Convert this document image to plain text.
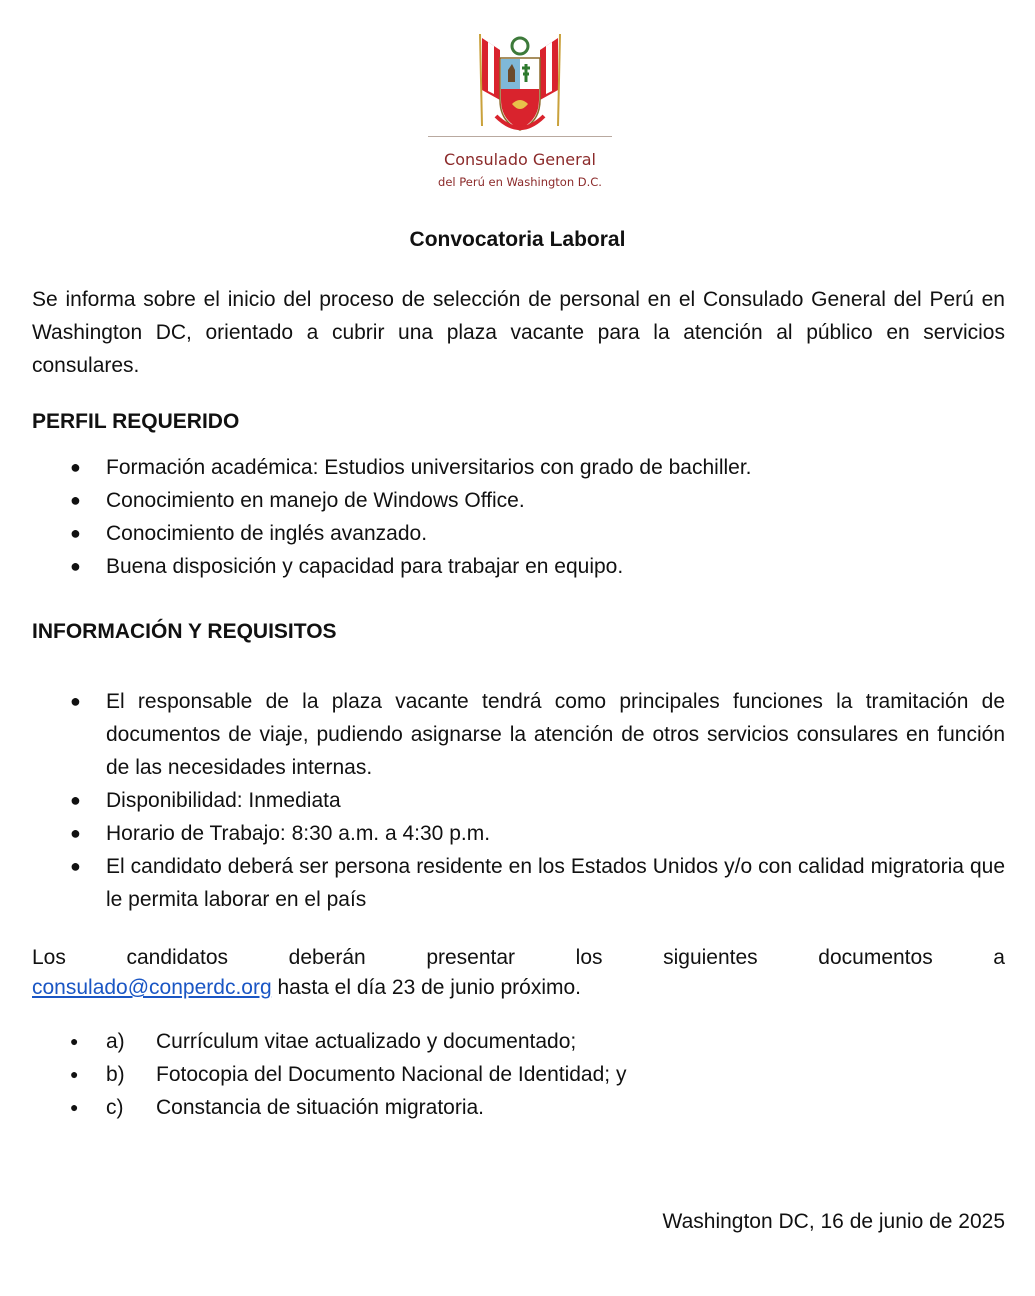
Consulado General
del Perú en Washington D.C.
Convocatoria Laboral
Se informa sobre el inicio del proceso de selección de personal en el Consulado General del Perú en Washington DC, orientado a cubrir una plaza vacante para la atención al público en servicios consulares.
PERFIL REQUERIDO
● Formación académica: Estudios universitarios con grado de bachiller.
● Conocimiento en manejo de Windows Office.
● Conocimiento de inglés avanzado.
● Buena disposición y capacidad para trabajar en equipo.
INFORMACIÓN Y REQUISITOS
● El responsable de la plaza vacante tendrá como principales funciones la tramitación de documentos de viaje, pudiendo asignarse la atención de otros servicios consulares en función de las necesidades internas.
● Disponibilidad: Inmediata
● Horario de Trabajo: 8:30 a.m. a 4:30 p.m.
● El candidato deberá ser persona residente en los Estados Unidos y/o con calidad migratoria que le permita laborar en el país
Los candidatos deberán presentar los siguientes documentos a
consulado@conperdc.org hasta el día 23 de junio próximo.
● a) Currículum vitae actualizado y documentado;
● b) Fotocopia del Documento Nacional de Identidad; y
● c) Constancia de situación migratoria.
Washington DC, 16 de junio de 2025
